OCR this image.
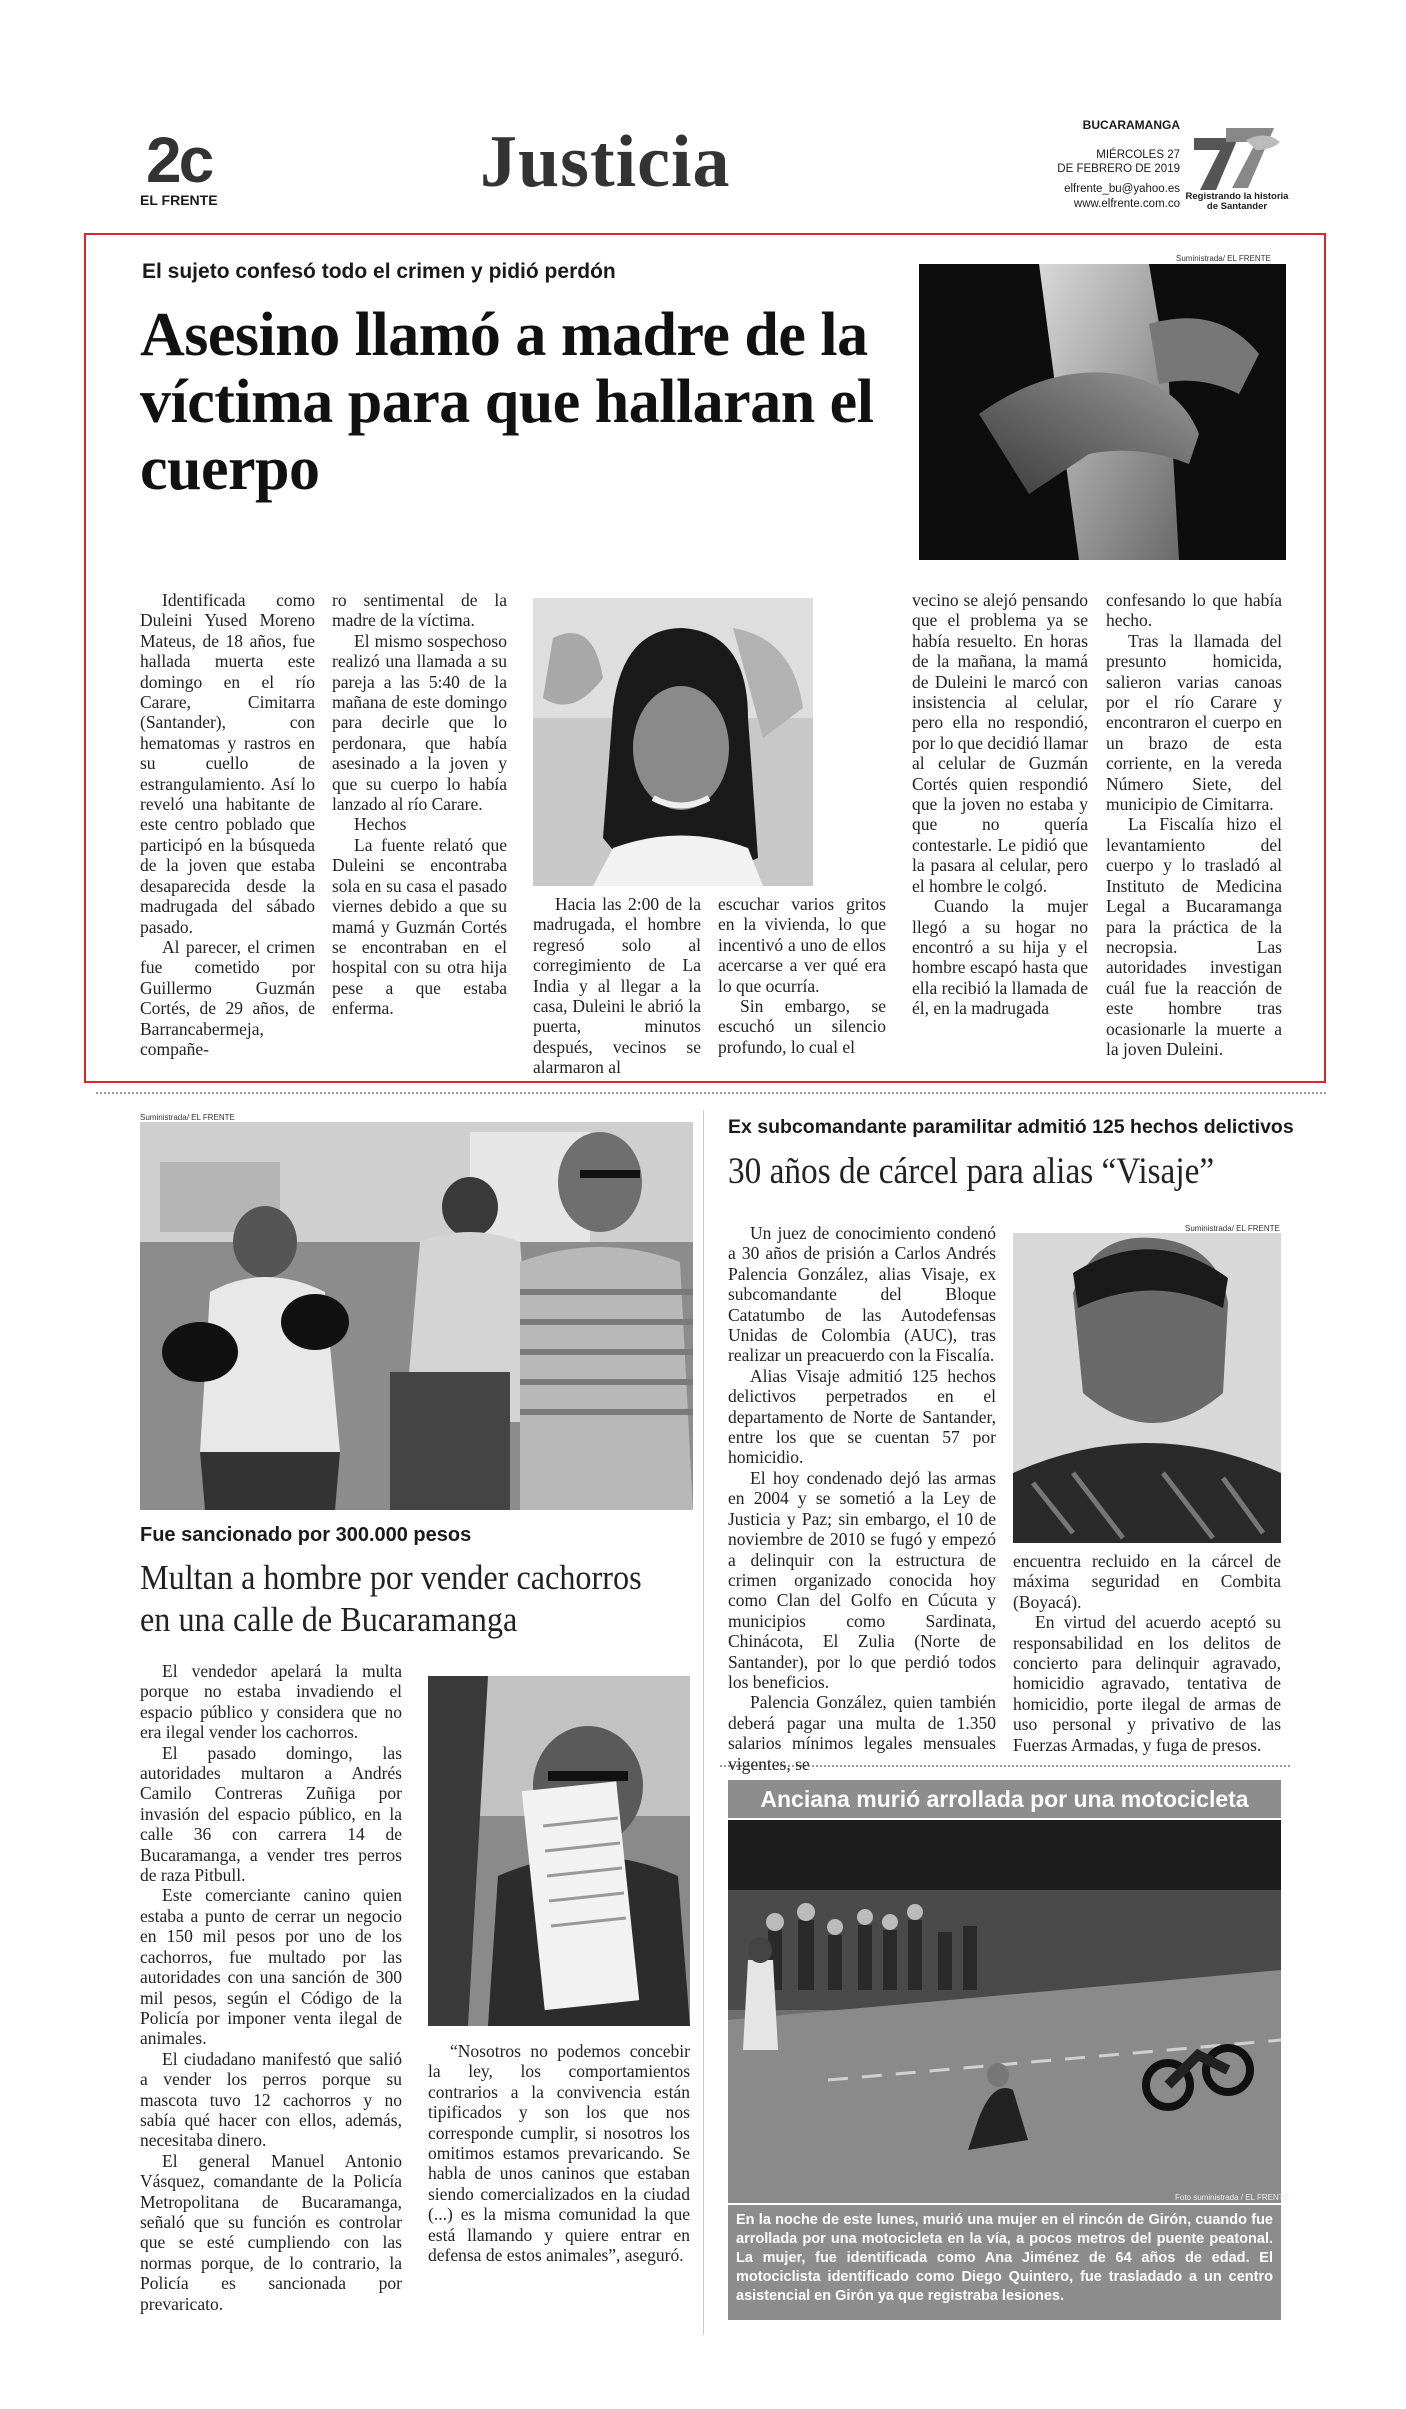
2c
EL FRENTE	Justicia	BUCARAMANGA
MIÉRCOLES 27
DE FEBRERO DE 2019
elfrente_bu@yahoo.es
www.elfrente.com.co
Registrando la historia de Santander
El sujeto confesó todo el crimen y pidió perdón
Asesino llamó a madre de la víctima para que hallaran el cuerpo
Suministrada/ EL FRENTE

Identificada como Duleini Yused Moreno Mateus, de 18 años, fue hallada muerta este domingo en el río Carare, Cimitarra (Santander), con hematomas y rastros en su cuello de estrangulamiento. Así lo reveló una habitante de este centro poblado que participó en la búsqueda de la joven que estaba desaparecida desde la madrugada del sábado pasado.

Al parecer, el crimen fue cometido por Guillermo Guzmán Cortés, de 29 años, de Barrancabermeja, compañe-

ro sentimental de la madre de la víctima.

El mismo sospechoso realizó una llamada a su pareja a las 5:40 de la mañana de este domingo para decirle que lo perdonara, que había asesinado a la joven y que su cuerpo lo había lanzado al río Carare.

Hechos

La fuente relató que Duleini se encontraba sola en su casa el pasado viernes debido a que su mamá y Guzmán Cortés se encontraban en el hospital con su otra hija pese a que estaba enferma.

Hacia las 2:00 de la madrugada, el hombre regresó solo al corregimiento de La India y al llegar a la casa, Duleini le abrió la puerta, minutos después, vecinos se alarmaron al

escuchar varios gritos en la vivienda, lo que incentivó a uno de ellos acercarse a ver qué era lo que ocurría.

Sin embargo, se escuchó un silencio profundo, lo cual el

vecino se alejó pensando que el problema ya se había resuelto. En horas de la mañana, la mamá de Duleini le marcó con insistencia al celular, pero ella no respondió, por lo que decidió llamar al celular de Guzmán Cortés quien respondió que la joven no estaba y que no quería contestarle. Le pidió que la pasara al celular, pero el hombre le colgó.

Cuando la mujer llegó a su hogar no encontró a su hija y el hombre escapó hasta que ella recibió la llamada de él, en la madrugada

confesando lo que había hecho.

Tras la llamada del presunto homicida, salieron varias canoas por el río Carare y encontraron el cuerpo en un brazo de esta corriente, en la vereda Número Siete, del municipio de Cimitarra.

La Fiscalía hizo el levantamiento del cuerpo y lo trasladó al Instituto de Medicina Legal a Bucaramanga para la práctica de la necropsia. Las autoridades investigan cuál fue la reacción de este hombre tras ocasionarle la muerte a la joven Duleini.

Suministrada/ EL FRENTE
Fue sancionado por 300.000 pesos
Multan a hombre por vender cachorros en una calle de Bucaramanga

El vendedor apelará la multa porque no estaba invadiendo el espacio público y considera que no era ilegal vender los cachorros.

El pasado domingo, las autoridades multaron a Andrés Camilo Contreras Zuñiga por invasión del espacio público, en la calle 36 con carrera 14 de Bucaramanga, a vender tres perros de raza Pitbull.

Este comerciante canino quien estaba a punto de cerrar un negocio en 150 mil pesos por uno de los cachorros, fue multado por las autoridades con una sanción de 300 mil pesos, según el Código de la Policía por imponer venta ilegal de animales.

El ciudadano manifestó que salió a vender los perros porque su mascota tuvo 12 cachorros y no sabía qué hacer con ellos, además, necesitaba dinero.

El general Manuel Antonio Vásquez, comandante de la Policía Metropolitana de Bucaramanga, señaló que su función es controlar que se esté cumpliendo con las normas porque, de lo contrario, la Policía es sancionada por prevaricato.

“Nosotros no podemos concebir la ley, los comportamientos contrarios a la convivencia están tipificados y son los que nos corresponde cumplir, si nosotros los omitimos estamos prevaricando. Se habla de unos caninos que estaban siendo comercializados en la ciudad (...) es la misma comunidad la que está llamando y quiere entrar en defensa de estos animales”, aseguró.

Ex subcomandante paramilitar admitió 125 hechos delictivos
30 años de cárcel para alias “Visaje”

Un juez de conocimiento condenó a 30 años de prisión a Carlos Andrés Palencia González, alias Visaje, ex subcomandante del Bloque Catatumbo de las Autodefensas Unidas de Colombia (AUC), tras realizar un preacuerdo con la Fiscalía.

Alias Visaje admitió 125 hechos delictivos perpetrados en el departamento de Norte de Santander, entre los que se cuentan 57 por homicidio.

El hoy condenado dejó las armas en 2004 y se sometió a la Ley de Justicia y Paz; sin embargo, el 10 de noviembre de 2010 se fugó y empezó a delinquir con la estructura de crimen organizado conocida hoy como Clan del Golfo en Cúcuta y municipios como Sardinata, Chinácota, El Zulia (Norte de Santander), por lo que perdió todos los beneficios.

Palencia González, quien también deberá pagar una multa de 1.350 salarios mínimos legales mensuales vigentes, se

Suministrada/ EL FRENTE

encuentra recluido en la cárcel de máxima seguridad en Combita (Boyacá).

En virtud del acuerdo aceptó su responsabilidad en los delitos de concierto para delinquir agravado, homicidio agravado, tentativa de homicidio, porte ilegal de armas de uso personal y privativo de las Fuerzas Armadas, y fuga de presos.

Anciana murió arrollada por una motocicleta
Foto suministrada / EL FRENTE
En la noche de este lunes, murió una mujer en el rincón de Girón, cuando fue arrollada por una motocicleta en la vía, a pocos metros del puente peatonal. La mujer, fue identificada como Ana Jiménez de 64 años de edad. El motociclista identificado como Diego Quintero, fue trasladado a un centro asistencial en Girón ya que registraba lesiones.
